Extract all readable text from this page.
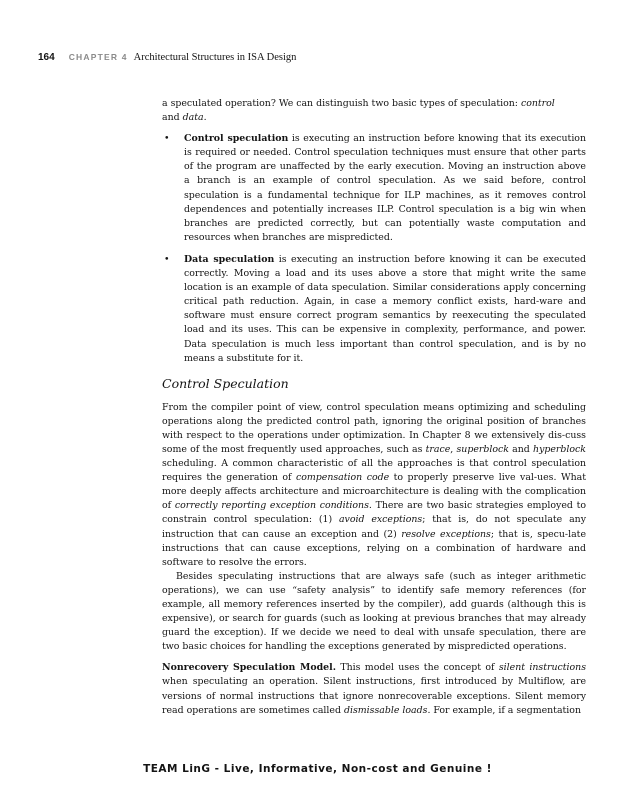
164 CHAPTER 4 Architectural Structures in ISA Design

a speculated operation? We can distinguish two basic types of speculation: control
and data.

• Control speculation is executing an instruction before knowing that its execution is required or needed. Control speculation techniques must ensure that other parts of the program are unaffected by the early execution. Moving an instruction above a branch is an example of control speculation. As we said before, control speculation is a fundamental technique for ILP machines, as it removes control dependences and potentially increases ILP. Control speculation is a big win when branches are predicted correctly, but can potentially waste computation and resources when branches are mispredicted.
• Data speculation is executing an instruction before knowing it can be executed correctly. Moving a load and its uses above a store that might write the same location is an example of data speculation. Similar considerations apply concerning critical path reduction. Again, in case a memory conflict exists, hard-ware and software must ensure correct program semantics by reexecuting the speculated load and its uses. This can be expensive in complexity, performance, and power. Data speculation is much less important than control speculation, and is by no means a substitute for it.
Control Speculation

From the compiler point of view, control speculation means optimizing and scheduling operations along the predicted control path, ignoring the original position of branches with respect to the operations under optimization. In Chapter 8 we extensively dis-cuss some of the most frequently used approaches, such as trace, superblock and hyperblock scheduling. A common characteristic of all the approaches is that control speculation requires the generation of compensation code to properly preserve live val-ues. What more deeply affects architecture and microarchitecture is dealing with the complication of correctly reporting exception conditions. There are two basic strategies employed to constrain control speculation: (1) avoid exceptions; that is, do not speculate any instruction that can cause an exception and (2) resolve exceptions; that is, specu-late instructions that can cause exceptions, relying on a combination of hardware and software to resolve the errors.

Besides speculating instructions that are always safe (such as integer arithmetic operations), we can use “safety analysis” to identify safe memory references (for example, all memory references inserted by the compiler), add guards (although this is expensive), or search for guards (such as looking at previous branches that may already guard the exception). If we decide we need to deal with unsafe speculation, there are two basic choices for handling the exceptions generated by mispredicted operations.

Nonrecovery Speculation Model. This model uses the concept of silent instructions when speculating an operation. Silent instructions, first introduced by Multiflow, are versions of normal instructions that ignore nonrecoverable exceptions. Silent memory read operations are sometimes called dismissable loads. For example, if a segmentation

TEAM LinG - Live, Informative, Non-cost and Genuine !
